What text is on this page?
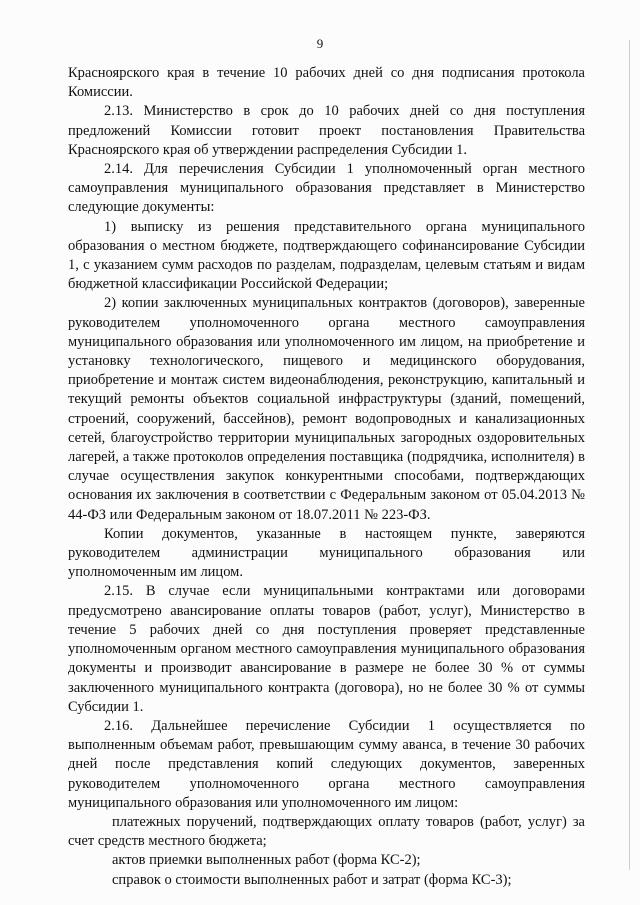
9

Красноярского края в течение 10 рабочих дней со дня подписания протокола Комиссии.

2.13. Министерство в срок до 10 рабочих дней со дня поступления предложений Комиссии готовит проект постановления Правительства Красноярского края об утверждении распределения Субсидии 1.

2.14. Для перечисления Субсидии 1 уполномоченный орган местного самоуправления муниципального образования представляет в Министерство следующие документы:

1) выписку из решения представительного органа муниципального образования о местном бюджете, подтверждающего софинансирование Субсидии 1, с указанием сумм расходов по разделам, подразделам, целевым статьям и видам бюджетной классификации Российской Федерации;

2) копии заключенных муниципальных контрактов (договоров), заверенные руководителем уполномоченного органа местного самоуправления муниципального образования или уполномоченного им лицом, на приобретение и установку технологического, пищевого и медицинского оборудования, приобретение и монтаж систем видеонаблюдения, реконструкцию, капитальный и текущий ремонты объектов социальной инфраструктуры (зданий, помещений, строений, сооружений, бассейнов), ремонт водопроводных и канализационных сетей, благоустройство территории муниципальных загородных оздоровительных лагерей, а также протоколов определения поставщика (подрядчика, исполнителя) в случае осуществления закупок конкурентными способами, подтверждающих основания их заключения в соответствии с Федеральным законом от 05.04.2013 № 44-ФЗ или Федеральным законом от 18.07.2011 № 223-ФЗ.

Копии документов, указанные в настоящем пункте, заверяются руководителем администрации муниципального образования или уполномоченным им лицом.

2.15. В случае если муниципальными контрактами или договорами предусмотрено авансирование оплаты товаров (работ, услуг), Министерство в течение 5 рабочих дней со дня поступления проверяет представленные уполномоченным органом местного самоуправления муниципального образования документы и производит авансирование в размере не более 30 % от суммы заключенного муниципального контракта (договора), но не более 30 % от суммы Субсидии 1.

2.16. Дальнейшее перечисление Субсидии 1 осуществляется по выполненным объемам работ, превышающим сумму аванса, в течение 30 рабочих дней после представления копий следующих документов, заверенных руководителем уполномоченного органа местного самоуправления муниципального образования или уполномоченного им лицом:

платежных поручений, подтверждающих оплату товаров (работ, услуг) за счет средств местного бюджета;

актов приемки выполненных работ (форма КС-2);

справок о стоимости выполненных работ и затрат (форма КС-3);
